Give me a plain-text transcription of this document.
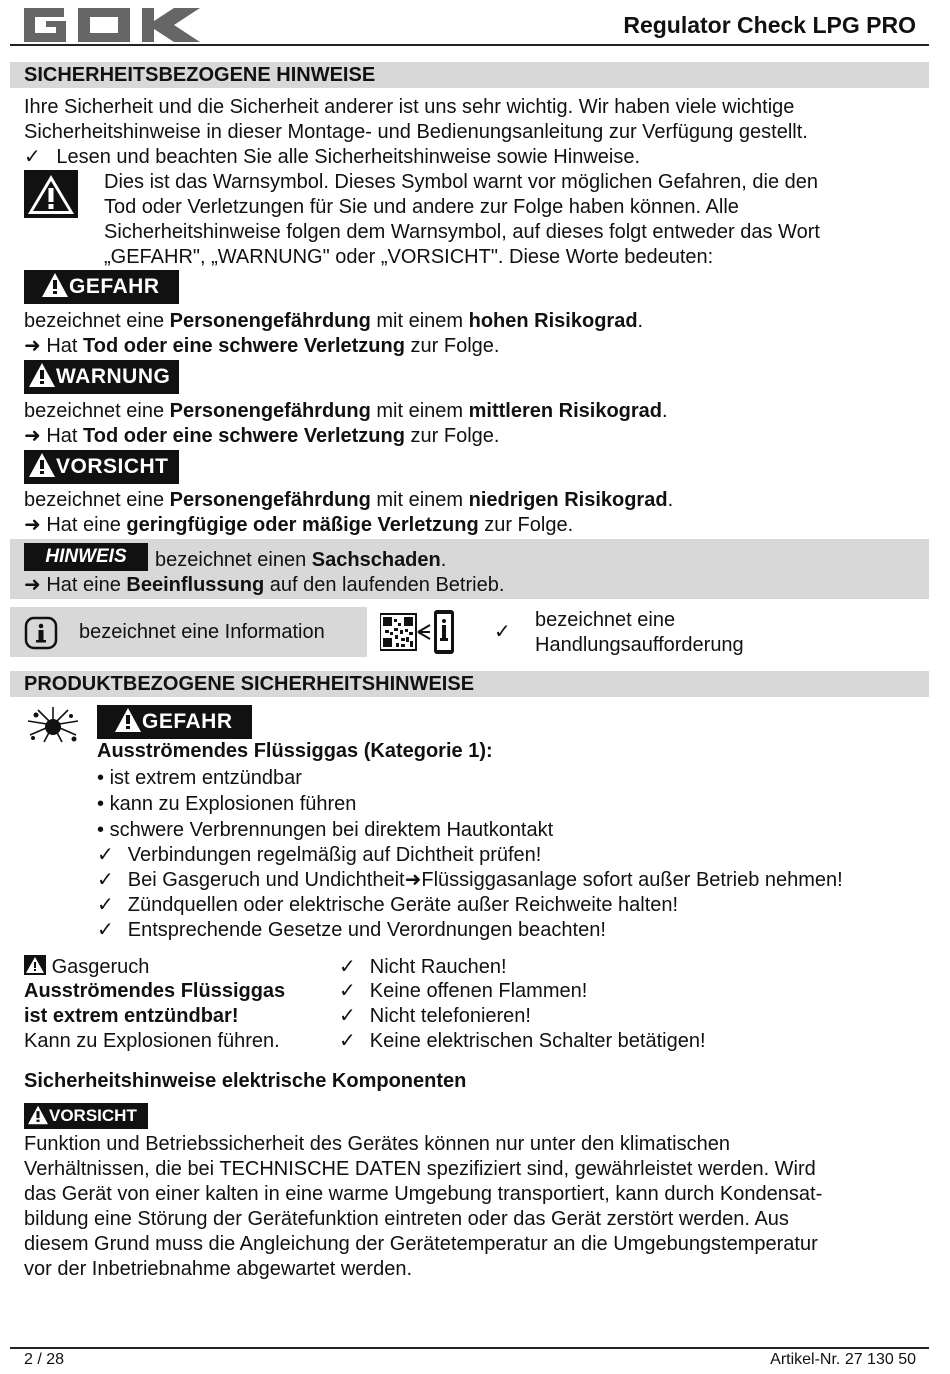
Regulator Check LPG PRO
SICHERHEITSBEZOGENE HINWEISE
Ihre Sicherheit und die Sicherheit anderer ist uns sehr wichtig. Wir haben viele wichtige
Sicherheitshinweise in dieser Montage- und Bedienungsanleitung zur Verfügung gestellt.
✓ Lesen und beachten Sie alle Sicherheitshinweise sowie Hinweise.
Dies ist das Warnsymbol. Dieses Symbol warnt vor möglichen Gefahren, die den
Tod oder Verletzungen für Sie und andere zur Folge haben können. Alle
Sicherheitshinweise folgen dem Warnsymbol, auf dieses folgt entweder das Wort
„GEFAHR", „WARNUNG" oder „VORSICHT". Diese Worte bedeuten:
GEFAHR
bezeichnet eine Personengefährdung mit einem hohen Risikograd.
➜ Hat Tod oder eine schwere Verletzung zur Folge.
WARNUNG
bezeichnet eine Personengefährdung mit einem mittleren Risikograd.
➜ Hat Tod oder eine schwere Verletzung zur Folge.
VORSICHT
bezeichnet eine Personengefährdung mit einem niedrigen Risikograd.
➜ Hat eine geringfügige oder mäßige Verletzung zur Folge.
HINWEIS	bezeichnet einen Sachschaden.
➜ Hat eine Beeinflussung auf den laufenden Betrieb.
bezeichnet eine Information	✓
bezeichnet eine
Handlungsaufforderung
PRODUKTBEZOGENE SICHERHEITSHINWEISE
GEFAHR
Ausströmendes Flüssiggas (Kategorie 1):
• ist extrem entzündbar
• kann zu Explosionen führen
• schwere Verbrennungen bei direktem Hautkontakt
✓ Verbindungen regelmäßig auf Dichtheit prüfen!
✓ Bei Gasgeruch und Undichtheit➜Flüssiggasanlage sofort außer Betrieb nehmen!
✓ Zündquellen oder elektrische Geräte außer Reichweite halten!
✓ Entsprechende Gesetze und Verordnungen beachten!
Gasgeruch
Ausströmendes Flüssiggas
ist extrem entzündbar!
Kann zu Explosionen führen.
✓ Nicht Rauchen!
✓ Keine offenen Flammen!
✓ Nicht telefonieren!
✓ Keine elektrischen Schalter betätigen!
Sicherheitshinweise elektrische Komponenten
VORSICHT
Funktion und Betriebssicherheit des Gerätes können nur unter den klimatischen
Verhältnissen, die bei TECHNISCHE DATEN spezifiziert sind, gewährleistet werden. Wird
das Gerät von einer kalten in eine warme Umgebung transportiert, kann durch Kondensat-
bildung eine Störung der Gerätefunktion eintreten oder das Gerät zerstört werden. Aus
diesem Grund muss die Angleichung der Gerätetemperatur an die Umgebungstemperatur
vor der Inbetriebnahme abgewartet werden.
2 / 28	Artikel-Nr. 27 130 50
